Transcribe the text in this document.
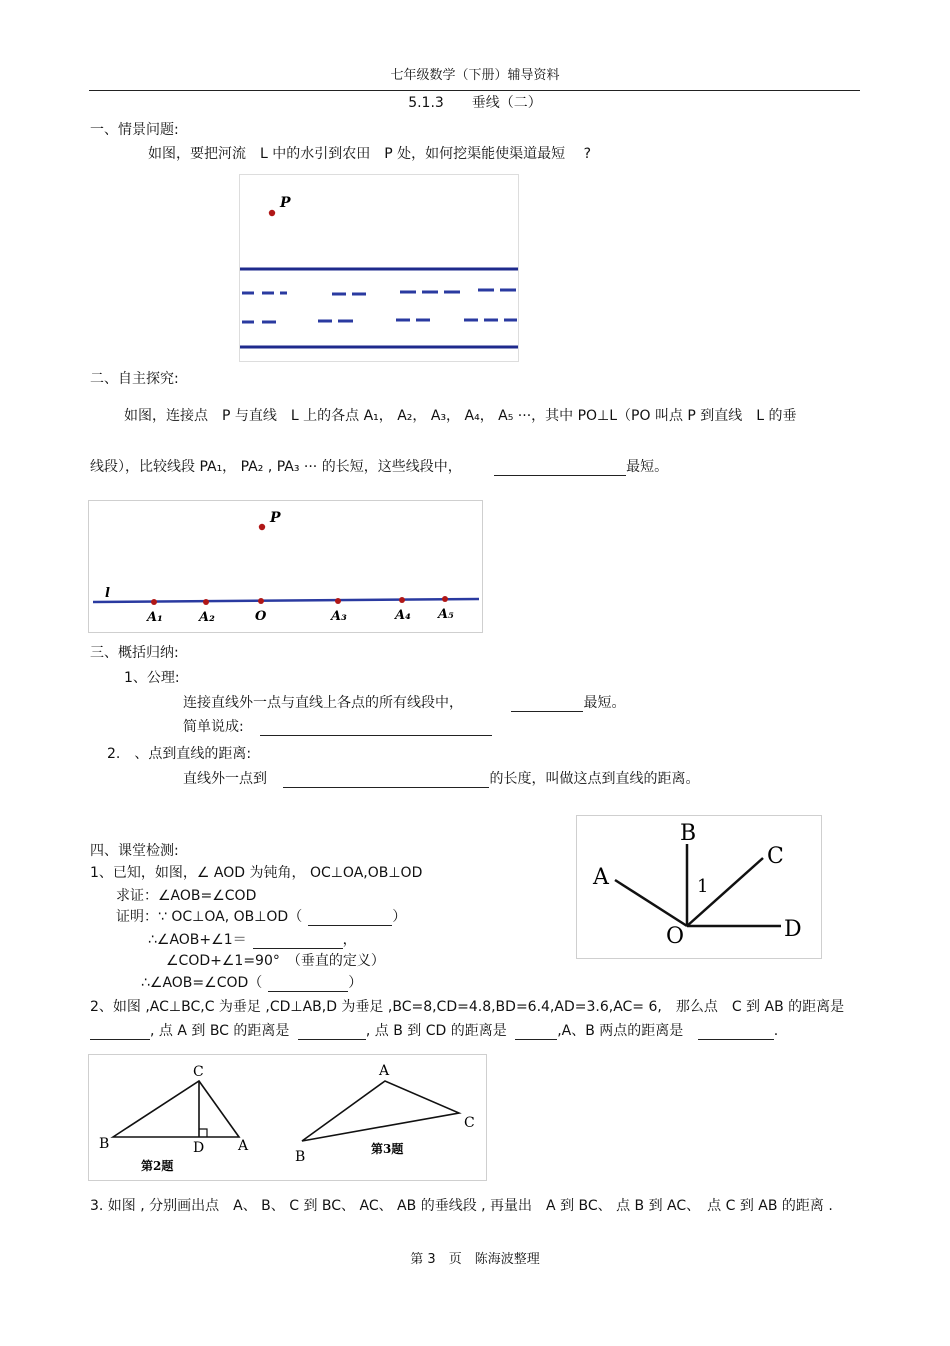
七年级数学（下册）辅导资料
5.1.3　　垂线（二）
一、情景问题:
如图，要把河流　L 中的水引到农田　P 处，如何挖渠能使渠道最短　 ?
P
二、自主探究:
如图，连接点　P 与直线　L 上的各点 A₁， A₂， A₃， A₄， A₅ ···，其中 PO⊥L（PO 叫点 P 到直线　L 的垂
线段），比较线段 PA₁， PA₂ , PA₃ ··· 的长短，这些线段中，	最短。
P
l
A₁	A₂	O	A₃	A₄ A₅
三、概括归纳:
1、公理:
连接直线外一点与直线上各点的所有线段中，	最短。
简单说成:
2.　、点到直线的距离:
直线外一点到	的长度，叫做这点到直线的距离。
四、课堂检测:
1、已知，如图，∠ AOD 为钝角， OC⊥OA,OB⊥OD
求证：∠AOB=∠COD
证明：∵ OC⊥OA, OB⊥OD（	）
∴∠AOB+∠1＝	，
∠COD+∠1=90°　（垂直的定义）
∴∠AOB=∠COD（	）
A
B
C
D
O
1
2、如图 ,AC⊥BC,C 为垂足 ,CD⊥AB,D 为垂足 ,BC=8,CD=4.8,BD=6.4,AD=3.6,AC= 6,　那么点　C 到 AB 的距离是
, 点 A 到 BC 的距离是	, 点 B 到 CD 的距离是	,A、B 两点的距离是	.
C
B	D A
第2题
A
B
C
第3题
3. 如图 , 分别画出点　A、 B、 C 到 BC、 AC、 AB 的垂线段 , 再量出　A 到 BC、 点 B 到 AC、　点 C 到 AB 的距离 .
第 3　页　陈海波整理
